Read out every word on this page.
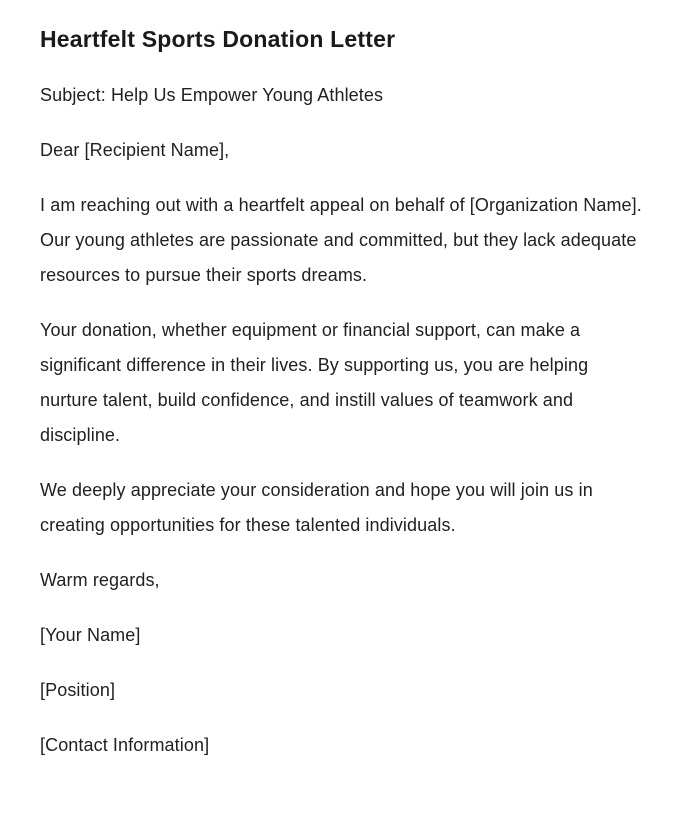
Heartfelt Sports Donation Letter

Subject: Help Us Empower Young Athletes

Dear [Recipient Name],

I am reaching out with a heartfelt appeal on behalf of [Organization Name]. Our young athletes are passionate and committed, but they lack adequate resources to pursue their sports dreams.

Your donation, whether equipment or financial support, can make a significant difference in their lives. By supporting us, you are helping nurture talent, build confidence, and instill values of teamwork and discipline.

We deeply appreciate your consideration and hope you will join us in creating opportunities for these talented individuals.

Warm regards,

[Your Name]

[Position]

[Contact Information]
